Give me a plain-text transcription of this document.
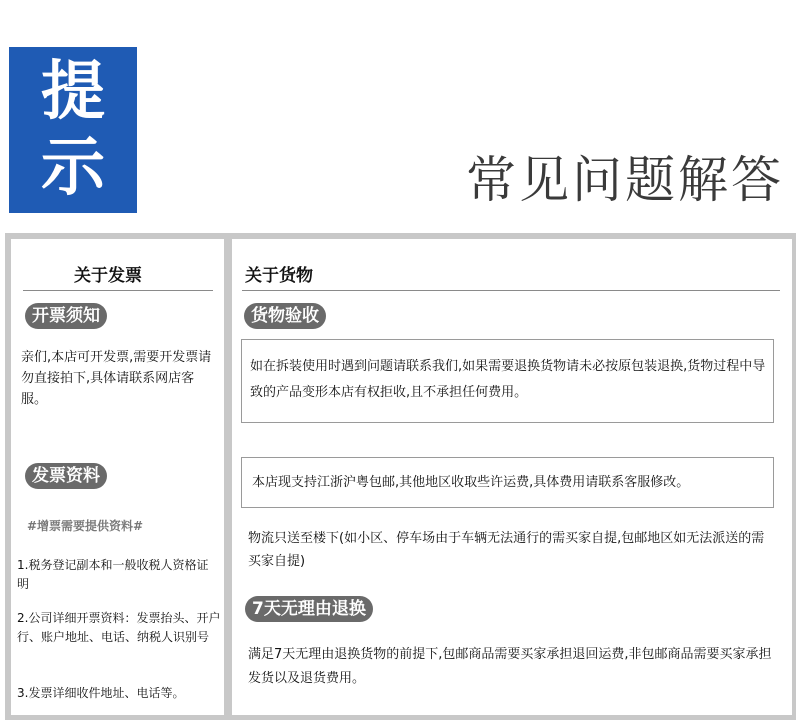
提
示	常见问题解答
关于发票
开票须知
亲们,本店可开发票,需要开发票请勿直接拍下,具体请联系网店客服。
发票资料
#增票需要提供资料#
1.税务登记副本和一般收税人资格证明
2.公司详细开票资料：发票抬头、开户行、账户地址、电话、纳税人识别号
3.发票详细收件地址、电话等。
关于货物
货物验收
如在拆装使用时遇到问题请联系我们,如果需要退换货物请未必按原包装退换,货物过程中导致的产品变形本店有权拒收,且不承担任何费用。
本店现支持江浙沪粤包邮,其他地区收取些许运费,具体费用请联系客服修改。
物流只送至楼下(如小区、停车场由于车辆无法通行的需买家自提,包邮地区如无法派送的需买家自提)
7天无理由退换
满足7天无理由退换货物的前提下,包邮商品需要买家承担退回运费,非包邮商品需要买家承担发货以及退货费用。
